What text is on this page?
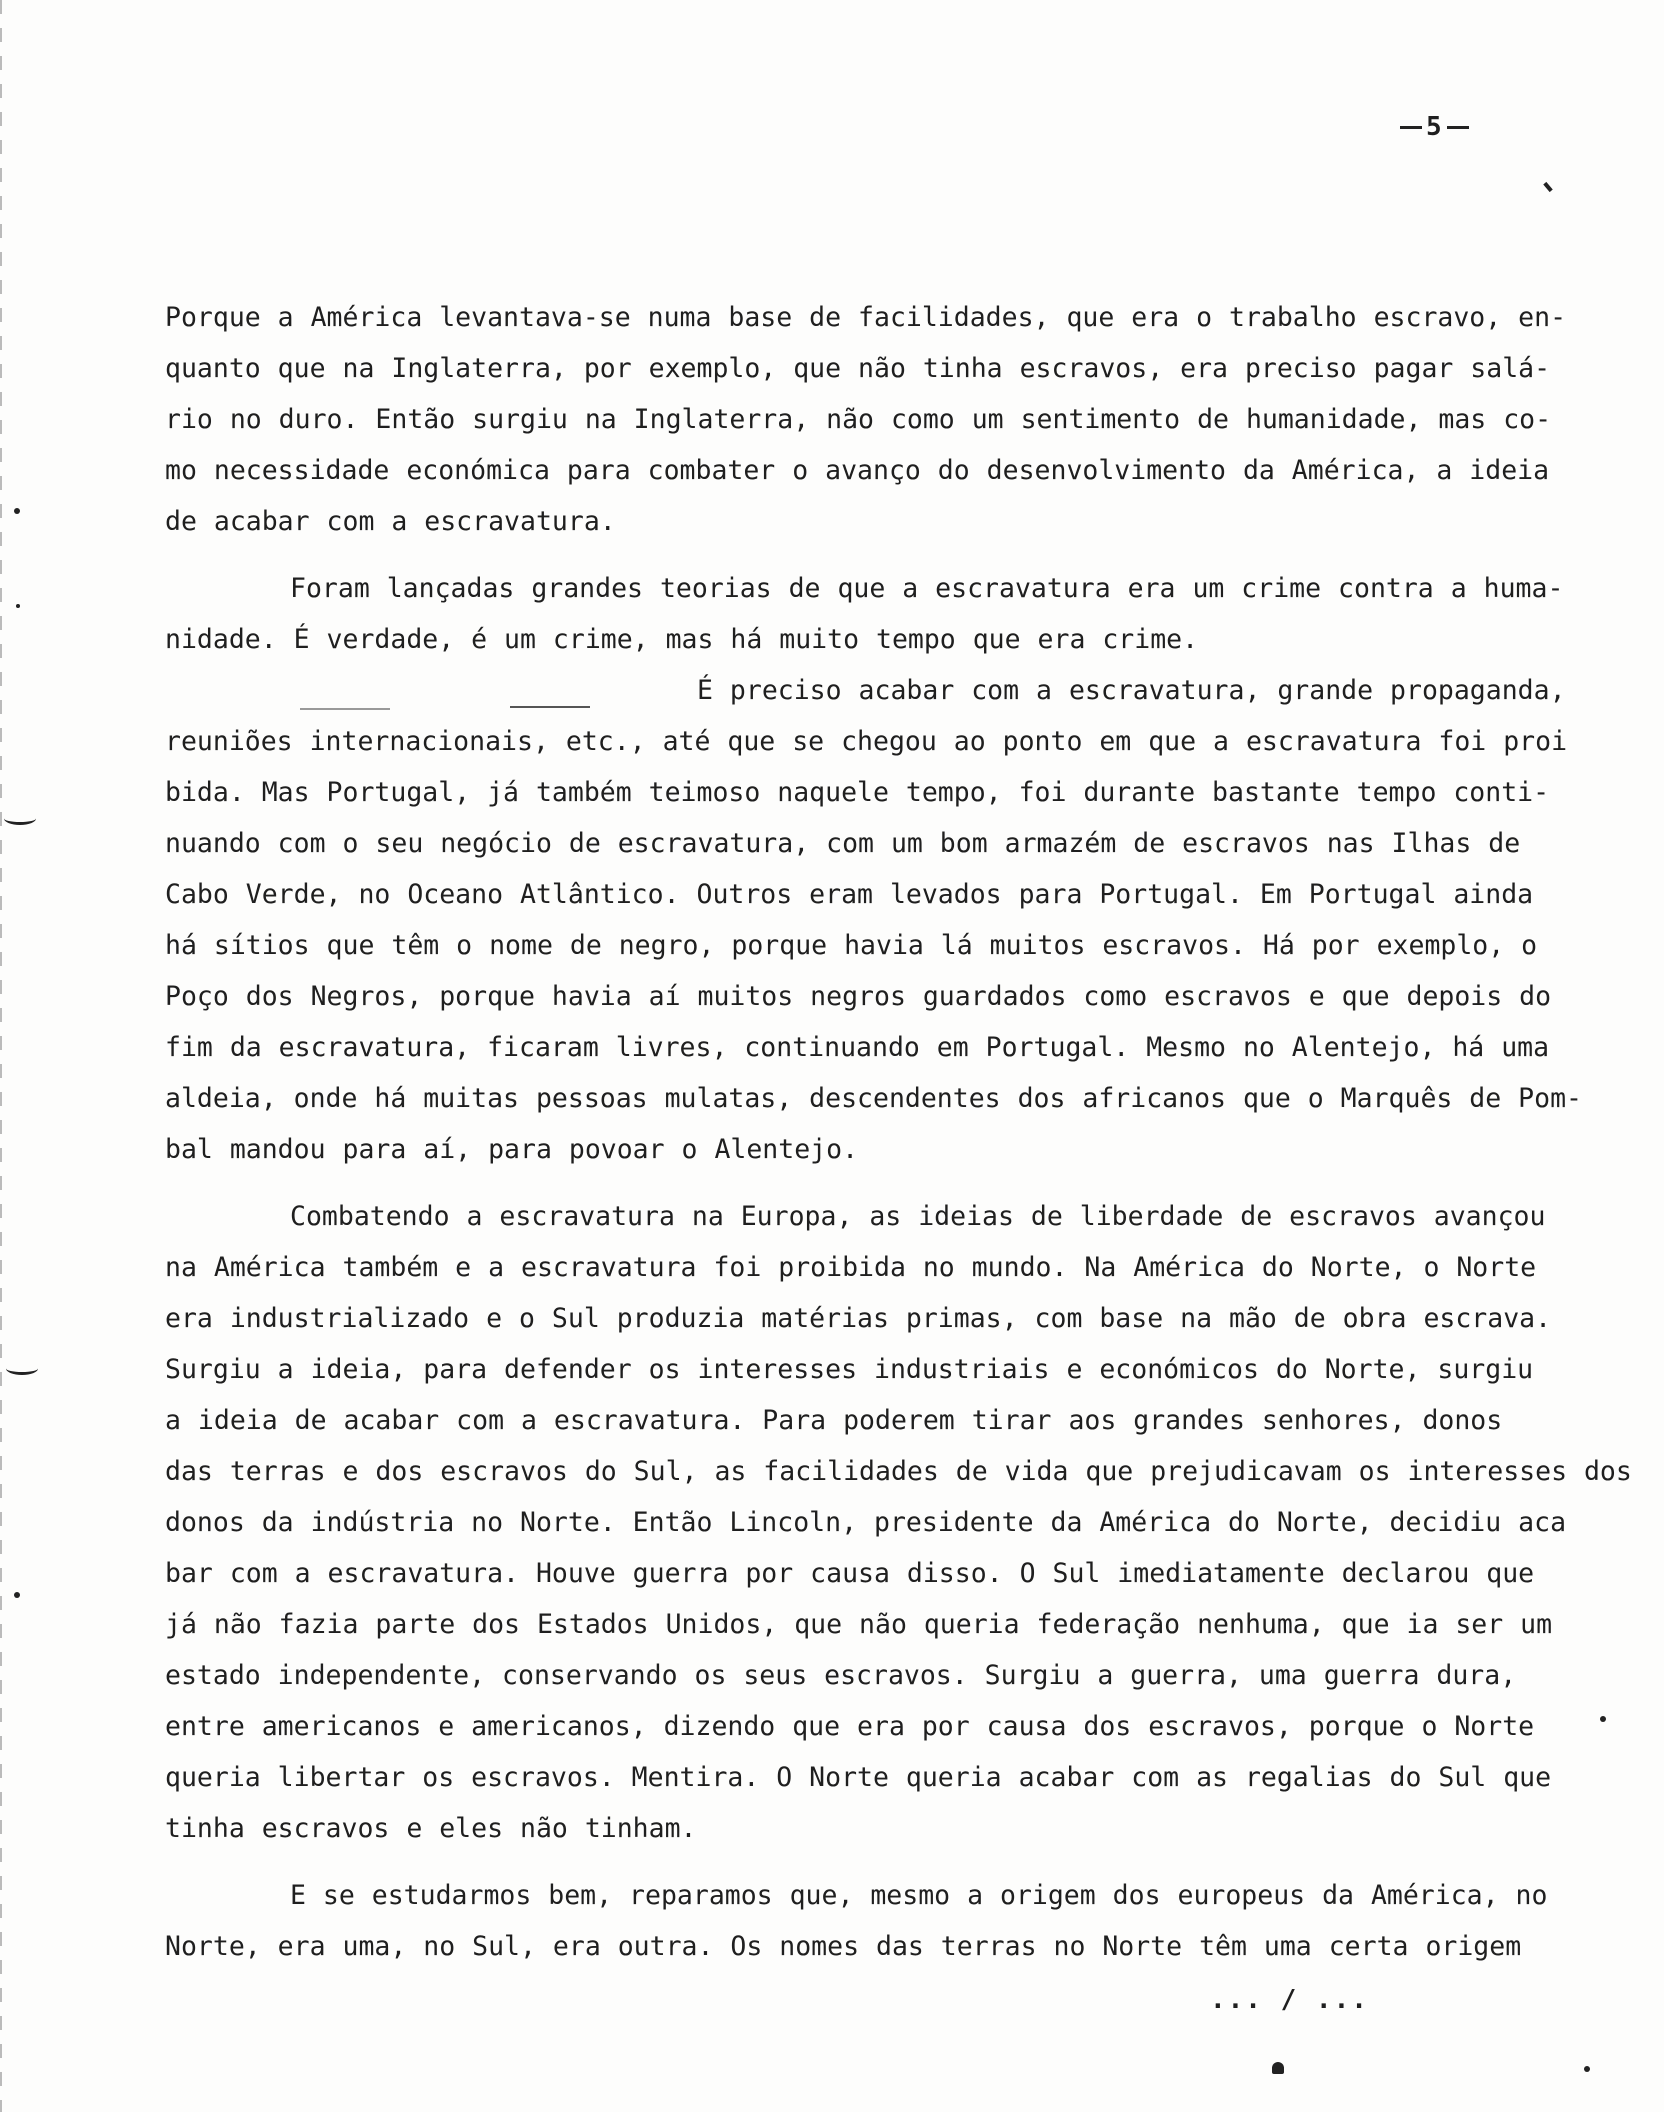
5
Porque a América levantava-se numa base de facilidades, que era o trabalho escravo, en-
quanto que na Inglaterra, por exemplo, que não tinha escravos, era preciso pagar salá-
rio no duro. Então surgiu na Inglaterra, não como um sentimento de humanidade, mas co-
mo necessidade económica para combater o avanço do desenvolvimento da América, a ideia
de acabar com a escravatura.
Foram lançadas grandes teorias de que a escravatura era um crime contra a huma-
nidade. É verdade, é um crime, mas há muito tempo que era crime.
É preciso acabar com a escravatura, grande propaganda,
reuniões internacionais, etc., até que se chegou ao ponto em que a escravatura foi proi
bida. Mas Portugal, já também teimoso naquele tempo, foi durante bastante tempo conti-
nuando com o seu negócio de escravatura, com um bom armazém de escravos nas Ilhas de
Cabo Verde, no Oceano Atlântico. Outros eram levados para Portugal. Em Portugal ainda
há sítios que têm o nome de negro, porque havia lá muitos escravos. Há por exemplo, o
Poço dos Negros, porque havia aí muitos negros guardados como escravos e que depois do
fim da escravatura, ficaram livres, continuando em Portugal. Mesmo no Alentejo, há uma
aldeia, onde há muitas pessoas mulatas, descendentes dos africanos que o Marquês de Pom-
bal mandou para aí, para povoar o Alentejo.
Combatendo a escravatura na Europa, as ideias de liberdade de escravos avançou
na América também e a escravatura foi proibida no mundo. Na América do Norte, o Norte
era industrializado e o Sul produzia matérias primas, com base na mão de obra escrava.
Surgiu a ideia, para defender os interesses industriais e económicos do Norte, surgiu
a ideia de acabar com a escravatura. Para poderem tirar aos grandes senhores, donos
das terras e dos escravos do Sul, as facilidades de vida que prejudicavam os interesses dos
donos da indústria no Norte. Então Lincoln, presidente da América do Norte, decidiu aca
bar com a escravatura. Houve guerra por causa disso. O Sul imediatamente declarou que
já não fazia parte dos Estados Unidos, que não queria federação nenhuma, que ia ser um
estado independente, conservando os seus escravos. Surgiu a guerra, uma guerra dura,
entre americanos e americanos, dizendo que era por causa dos escravos, porque o Norte
queria libertar os escravos. Mentira. O Norte queria acabar com as regalias do Sul que
tinha escravos e eles não tinham.
E se estudarmos bem, reparamos que, mesmo a origem dos europeus da América, no
Norte, era uma, no Sul, era outra. Os nomes das terras no Norte têm uma certa origem
... / ...
